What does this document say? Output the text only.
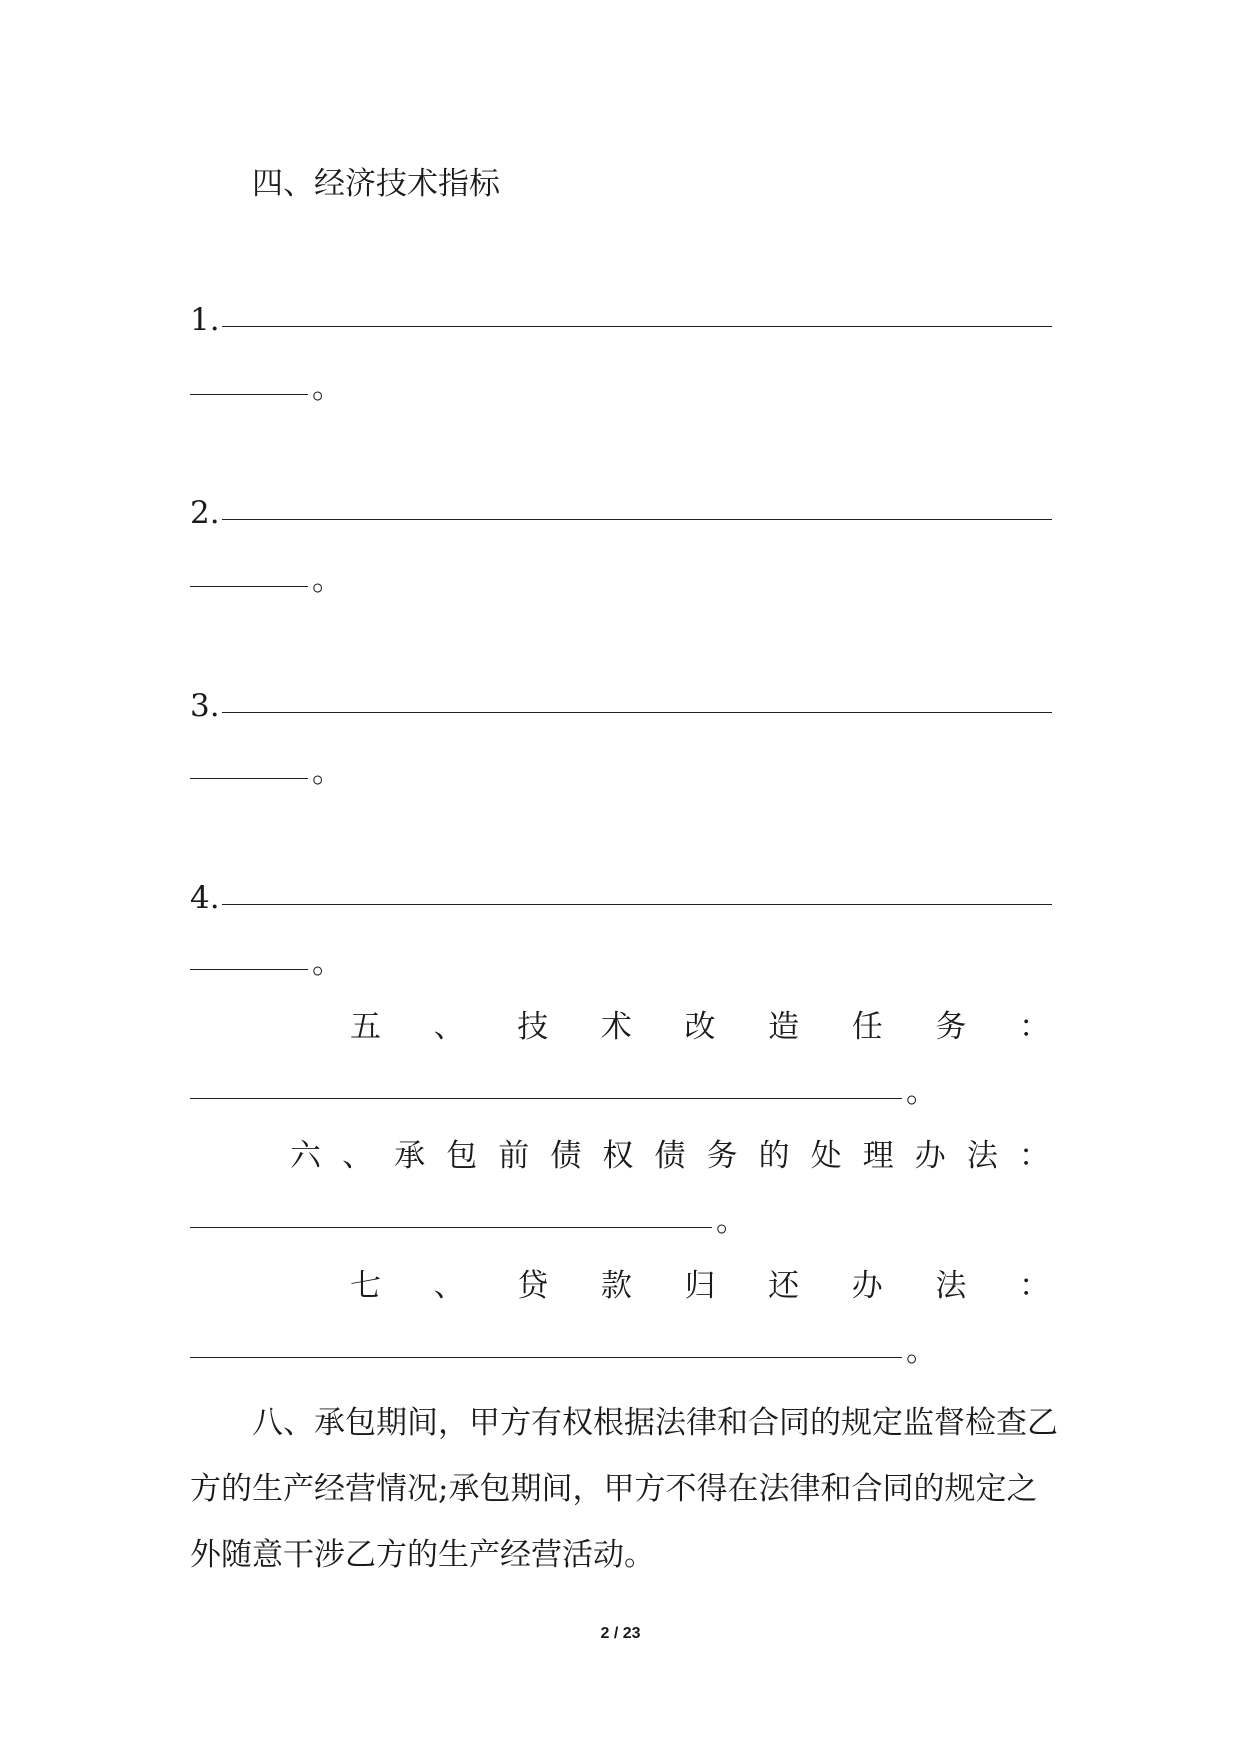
四、经济技术指标
1.
。
2.
。
3.
。
4.
。
五 、 技 术 改 造 任 务 ：
。
六 、 承 包 前 债 权 债 务 的 处 理 办 法 ：
。
七 、 贷 款 归 还 办 法 ：
。
八、承包期间，甲方有权根据法律和合同的规定监督检查乙方的生产经营情况;承包期间，甲方不得在法律和合同的规定之外随意干涉乙方的生产经营活动。
2 / 23
